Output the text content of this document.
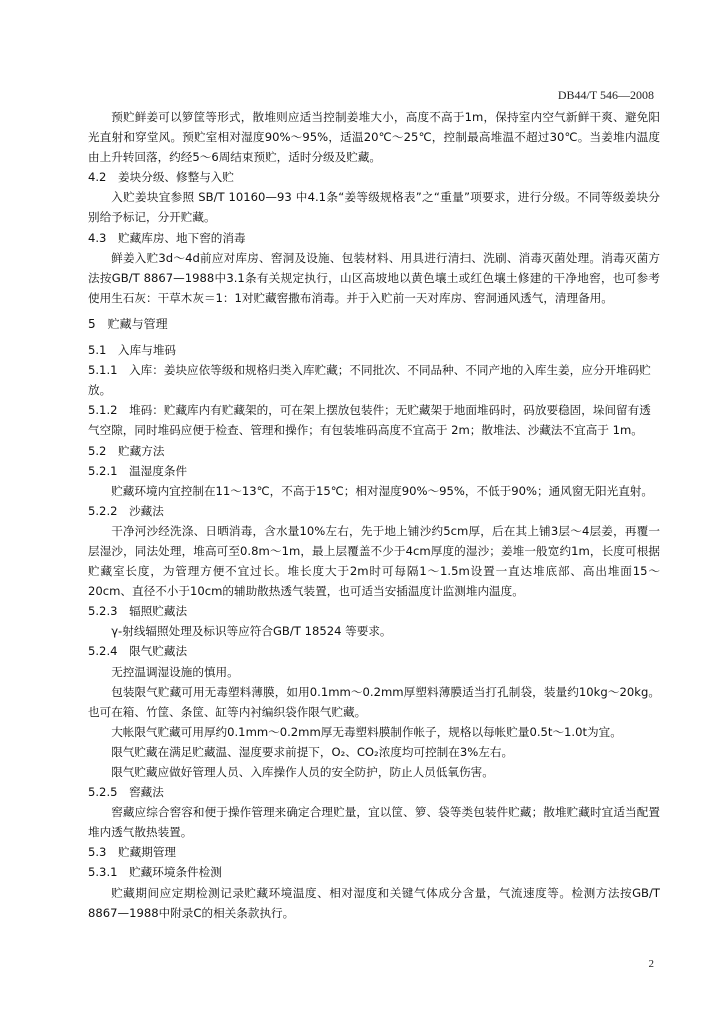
DB44/T 546—2008

预贮鲜姜可以箩筐等形式，散堆则应适当控制姜堆大小，高度不高于1m，保持室内空气新鲜干爽、避免阳光直射和穿堂风。预贮室相对湿度90%～95%，适温20℃～25℃，控制最高堆温不超过30℃。当姜堆内温度由上升转回落，约经5～6周结束预贮，适时分级及贮藏。

4.2　姜块分级、修整与入贮

入贮姜块宜参照 SB/T 10160—93 中4.1条“姜等级规格表”之“重量”项要求，进行分级。不同等级姜块分别给予标记，分开贮藏。

4.3　贮藏库房、地下窖的消毒

鲜姜入贮3d～4d前应对库房、窖洞及设施、包装材料、用具进行清扫、洗刷、消毒灭菌处理。消毒灭菌方法按GB/T 8867—1988中3.1条有关规定执行，山区高坡地以黄色壤土或红色壤土修建的干净地窖，也可参考使用生石灰：干草木灰＝1：1对贮藏窖撒布消毒。并于入贮前一天对库房、窖洞通风透气，清理备用。

5　贮藏与管理

5.1　入库与堆码

5.1.1　入库：姜块应依等级和规格归类入库贮藏；不同批次、不同品种、不同产地的入库生姜，应分开堆码贮放。

5.1.2　堆码：贮藏库内有贮藏架的，可在架上摆放包装件；无贮藏架于地面堆码时，码放要稳固，垛间留有透气空隙，同时堆码应便于检查、管理和操作；有包装堆码高度不宜高于 2m；散堆法、沙藏法不宜高于 1m。

5.2　贮藏方法

5.2.1　温湿度条件

贮藏环境内宜控制在11～13℃，不高于15℃；相对湿度90%～95%，不低于90%；通风窗无阳光直射。

5.2.2　沙藏法

干净河沙经洗涤、日晒消毒，含水量10%左右，先于地上铺沙约5cm厚，后在其上铺3层～4层姜，再覆一层湿沙，同法处理，堆高可至0.8m～1m，最上层覆盖不少于4cm厚度的湿沙；姜堆一般宽约1m，长度可根据贮藏室长度，为管理方便不宜过长。堆长度大于2m时可每隔1～1.5m设置一直达堆底部、高出堆面15～20cm、直径不小于10cm的辅助散热透气装置，也可适当安插温度计监测堆内温度。

5.2.3　辐照贮藏法

γ-射线辐照处理及标识等应符合GB/T 18524 等要求。

5.2.4　限气贮藏法

无控温调湿设施的慎用。

包装限气贮藏可用无毒塑料薄膜，如用0.1mm～0.2mm厚塑料薄膜适当打孔制袋，装量约10kg～20kg。也可在箱、竹筐、条筐、缸等内衬编织袋作限气贮藏。

大帐限气贮藏可用厚约0.1mm～0.2mm厚无毒塑料膜制作帐子，规格以每帐贮量0.5t～1.0t为宜。

限气贮藏在满足贮藏温、湿度要求前提下，O₂、CO₂浓度均可控制在3%左右。

限气贮藏应做好管理人员、入库操作人员的安全防护，防止人员低氧伤害。

5.2.5　窖藏法

窖藏应综合窖容和便于操作管理来确定合理贮量，宜以筐、箩、袋等类包装件贮藏；散堆贮藏时宜适当配置堆内透气散热装置。

5.3　贮藏期管理

5.3.1　贮藏环境条件检测

贮藏期间应定期检测记录贮藏环境温度、相对湿度和关键气体成分含量，气流速度等。检测方法按GB/T 8867—1988中附录C的相关条款执行。

2
